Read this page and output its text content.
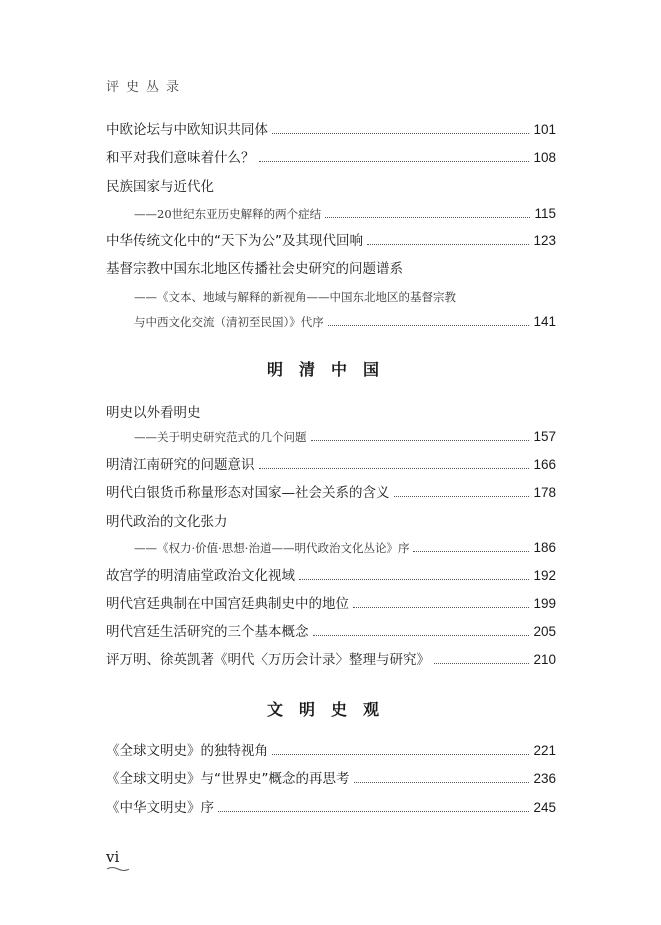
评史丛录
中欧论坛与中欧知识共同体	101
和平对我们意味着什么？	108
民族国家与近代化
——20世纪东亚历史解释的两个症结	115
中华传统文化中的“天下为公”及其现代回响	123
基督宗教中国东北地区传播社会史研究的问题谱系
——《文本、地域与解释的新视角——中国东北地区的基督宗教
与中西文化交流（清初至民国）》代序	141
明清中国
明史以外看明史
——关于明史研究范式的几个问题	157
明清江南研究的问题意识	166
明代白银货币称量形态对国家—社会关系的含义	178
明代政治的文化张力
——《权力·价值·思想·治道——明代政治文化丛论》序	186
故宫学的明清庙堂政治文化视域	192
明代宫廷典制在中国宫廷典制史中的地位	199
明代宫廷生活研究的三个基本概念	205
评万明、徐英凯著《明代〈万历会计录〉整理与研究》	210
文明史观
《全球文明史》的独特视角	221
《全球文明史》与“世界史”概念的再思考	236
《中华文明史》序	245
vi
